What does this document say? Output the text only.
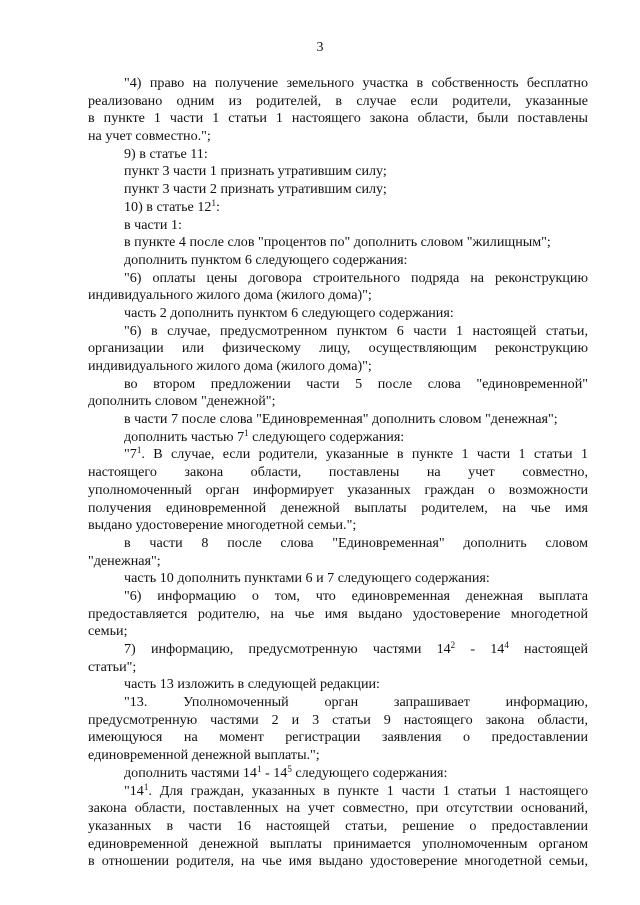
3
"4) право на получение земельного участка в собственность бесплатно
реализовано одним из родителей, в случае если родители, указанные
в пункте 1 части 1 статьи 1 настоящего закона области, были поставлены
на учет совместно.";
9) в статье 11:
пункт 3 части 1 признать утратившим силу;
пункт 3 части 2 признать утратившим силу;
10) в статье $12^1$:
в части 1:
в пункте 4 после слов "процентов по" дополнить словом "жилищным";
дополнить пунктом 6 следующего содержания:
"6) оплаты цены договора строительного подряда на реконструкцию
индивидуального жилого дома (жилого дома)";
часть 2 дополнить пунктом 6 следующего содержания:
"6) в случае, предусмотренном пунктом 6 части 1 настоящей статьи,
организации или физическому лицу, осуществляющим реконструкцию
индивидуального жилого дома (жилого дома)";
во втором предложении части 5 после слова "единовременной"
дополнить словом "денежной";
в части 7 после слова "Единовременная" дополнить словом "денежная";
дополнить частью $7^1$ следующего содержания:
"$7^1$. В случае, если родители, указанные в пункте 1 части 1 статьи 1
настоящего закона области, поставлены на учет совместно,
уполномоченный орган информирует указанных граждан о возможности
получения единовременной денежной выплаты родителем, на чье имя
выдано удостоверение многодетной семьи.";
в части 8 после слова "Единовременная" дополнить словом
"денежная";
часть 10 дополнить пунктами 6 и 7 следующего содержания:
"6) информацию о том, что единовременная денежная выплата
предоставляется родителю, на чье имя выдано удостоверение многодетной
семьи;
7) информацию, предусмотренную частями $14^2 - 14^4$ настоящей
статьи";
часть 13 изложить в следующей редакции:
"13. Уполномоченный орган запрашивает информацию,
предусмотренную частями 2 и 3 статьи 9 настоящего закона области,
имеющуюся на момент регистрации заявления о предоставлении
единовременной денежной выплаты.";
дополнить частями $14^1 - 14^5$ следующего содержания:
"$14^1$. Для граждан, указанных в пункте 1 части 1 статьи 1 настоящего
закона области, поставленных на учет совместно, при отсутствии оснований,
указанных в части 16 настоящей статьи, решение о предоставлении
единовременной денежной выплаты принимается уполномоченным органом
в отношении родителя, на чье имя выдано удостоверение многодетной семьи,
